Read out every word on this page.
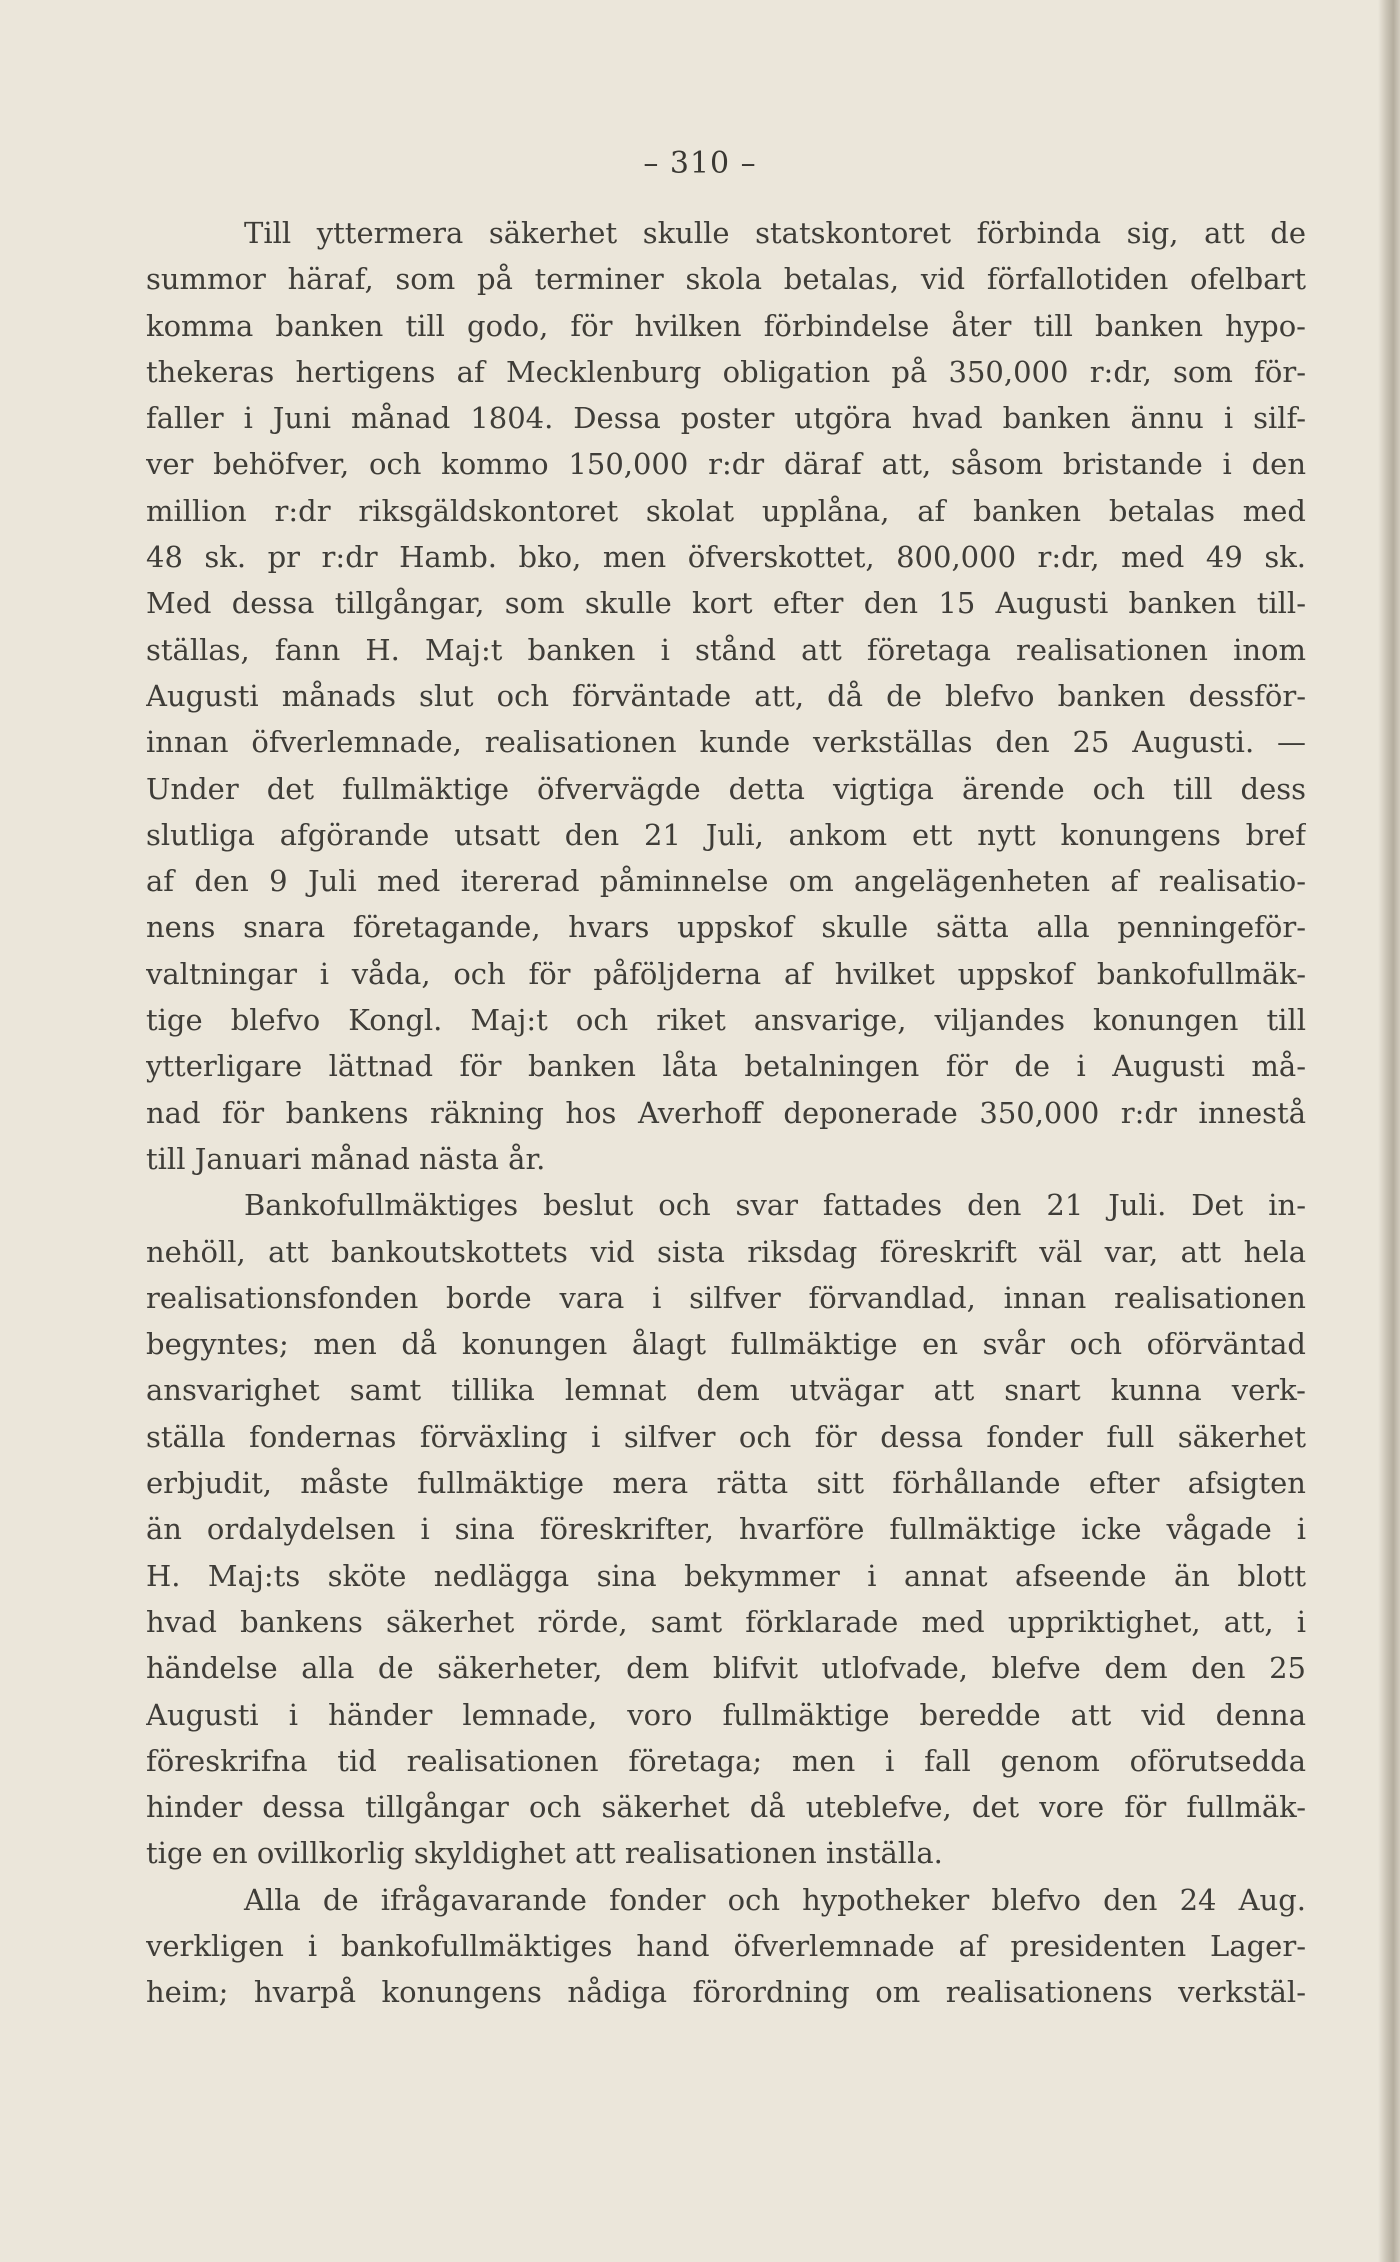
– 310 –
Till yttermera säkerhet skulle statskontoret förbinda sig, att de
summor häraf, som på terminer skola betalas, vid förfallotiden ofelbart
komma banken till godo, för hvilken förbindelse åter till banken hypo-
thekeras hertigens af Mecklenburg obligation på 350,000 r:dr, som för-
faller i Juni månad 1804. Dessa poster utgöra hvad banken ännu i silf-
ver behöfver, och kommo 150,000 r:dr däraf att, såsom bristande i den
million r:dr riksgäldskontoret skolat upplåna, af banken betalas med
48 sk. pr r:dr Hamb. bko, men öfverskottet, 800,000 r:dr, med 49 sk.
Med dessa tillgångar, som skulle kort efter den 15 Augusti banken till-
ställas, fann H. Maj:t banken i stånd att företaga realisationen inom
Augusti månads slut och förväntade att, då de blefvo banken dessför-
innan öfverlemnade, realisationen kunde verkställas den 25 Augusti. —
Under det fullmäktige öfvervägde detta vigtiga ärende och till dess
slutliga afgörande utsatt den 21 Juli, ankom ett nytt konungens bref
af den 9 Juli med itererad påminnelse om angelägenheten af realisatio-
nens snara företagande, hvars uppskof skulle sätta alla penningeför-
valtningar i våda, och för påföljderna af hvilket uppskof bankofullmäk-
tige blefvo Kongl. Maj:t och riket ansvarige, viljandes konungen till
ytterligare lättnad för banken låta betalningen för de i Augusti må-
nad för bankens räkning hos Averhoff deponerade 350,000 r:dr innestå
till Januari månad nästa år.
Bankofullmäktiges beslut och svar fattades den 21 Juli. Det in-
nehöll, att bankoutskottets vid sista riksdag föreskrift väl var, att hela
realisationsfonden borde vara i silfver förvandlad, innan realisationen
begyntes; men då konungen ålagt fullmäktige en svår och oförväntad
ansvarighet samt tillika lemnat dem utvägar att snart kunna verk-
ställa fondernas förväxling i silfver och för dessa fonder full säkerhet
erbjudit, måste fullmäktige mera rätta sitt förhållande efter afsigten
än ordalydelsen i sina föreskrifter, hvarföre fullmäktige icke vågade i
H. Maj:ts sköte nedlägga sina bekymmer i annat afseende än blott
hvad bankens säkerhet rörde, samt förklarade med uppriktighet, att, i
händelse alla de säkerheter, dem blifvit utlofvade, blefve dem den 25
Augusti i händer lemnade, voro fullmäktige beredde att vid denna
föreskrifna tid realisationen företaga; men i fall genom oförutsedda
hinder dessa tillgångar och säkerhet då uteblefve, det vore för fullmäk-
tige en ovillkorlig skyldighet att realisationen inställa.
Alla de ifrågavarande fonder och hypotheker blefvo den 24 Aug.
verkligen i bankofullmäktiges hand öfverlemnade af presidenten Lager-
heim; hvarpå konungens nådiga förordning om realisationens verkstäl-
